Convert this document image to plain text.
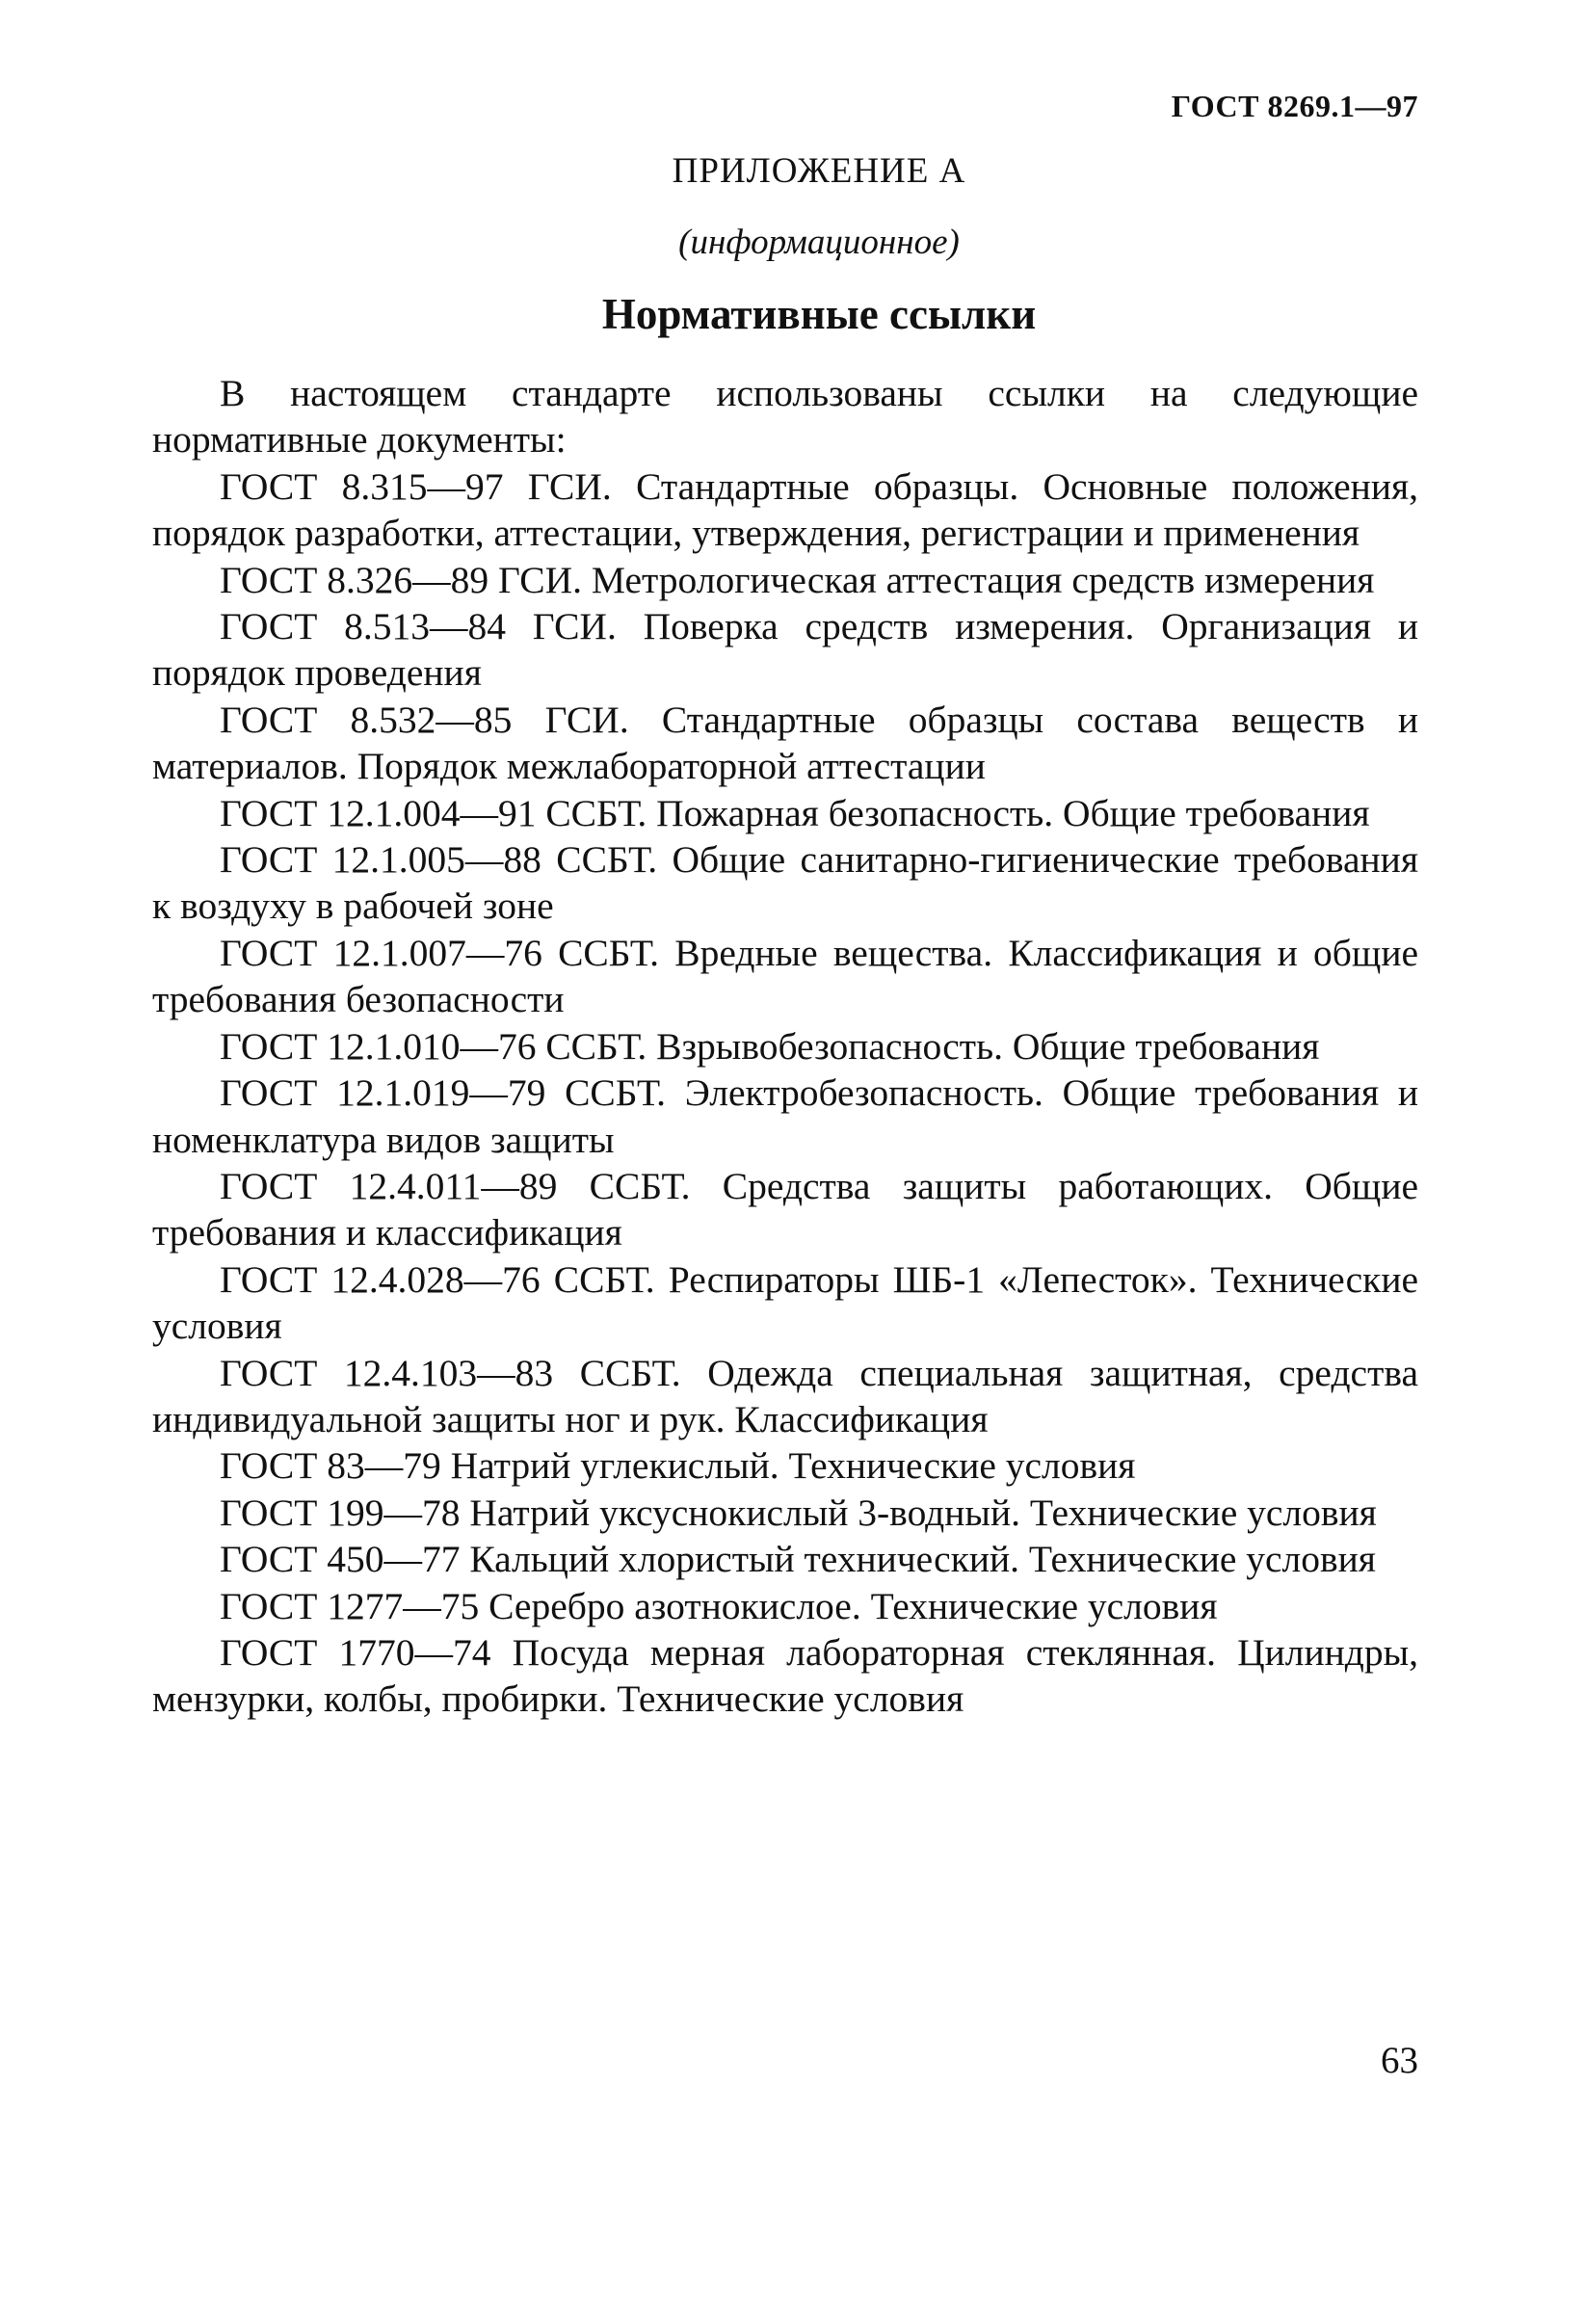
ГОСТ 8269.1—97
ПРИЛОЖЕНИЕ А
(информационное)
Нормативные ссылки

В настоящем стандарте использованы ссылки на следующие нормативные документы:

ГОСТ 8.315—97 ГСИ. Стандартные образцы. Основные положения, порядок разработки, аттестации, утверждения, регистрации и применения

ГОСТ 8.326—89 ГСИ. Метрологическая аттестация средств измерения

ГОСТ 8.513—84 ГСИ. Поверка средств измерения. Организация и порядок проведения

ГОСТ 8.532—85 ГСИ. Стандартные образцы состава веществ и материалов. Порядок межлабораторной аттестации

ГОСТ 12.1.004—91 ССБТ. Пожарная безопасность. Общие требования

ГОСТ 12.1.005—88 ССБТ. Общие санитарно-гигиенические требования к воздуху в рабочей зоне

ГОСТ 12.1.007—76 ССБТ. Вредные вещества. Классификация и общие требования безопасности

ГОСТ 12.1.010—76 ССБТ. Взрывобезопасность. Общие требования

ГОСТ 12.1.019—79 ССБТ. Электробезопасность. Общие требования и номенклатура видов защиты

ГОСТ 12.4.011—89 ССБТ. Средства защиты работающих. Общие требования и классификация

ГОСТ 12.4.028—76 ССБТ. Респираторы ШБ-1 «Лепесток». Технические условия

ГОСТ 12.4.103—83 ССБТ. Одежда специальная защитная, средства индивидуальной защиты ног и рук. Классификация

ГОСТ 83—79 Натрий углекислый. Технические условия

ГОСТ 199—78 Натрий уксуснокислый 3-водный. Технические условия

ГОСТ 450—77 Кальций хлористый технический. Технические условия

ГОСТ 1277—75 Серебро азотнокислое. Технические условия

ГОСТ 1770—74 Посуда мерная лабораторная стеклянная. Цилиндры, мензурки, колбы, пробирки. Технические условия

63
